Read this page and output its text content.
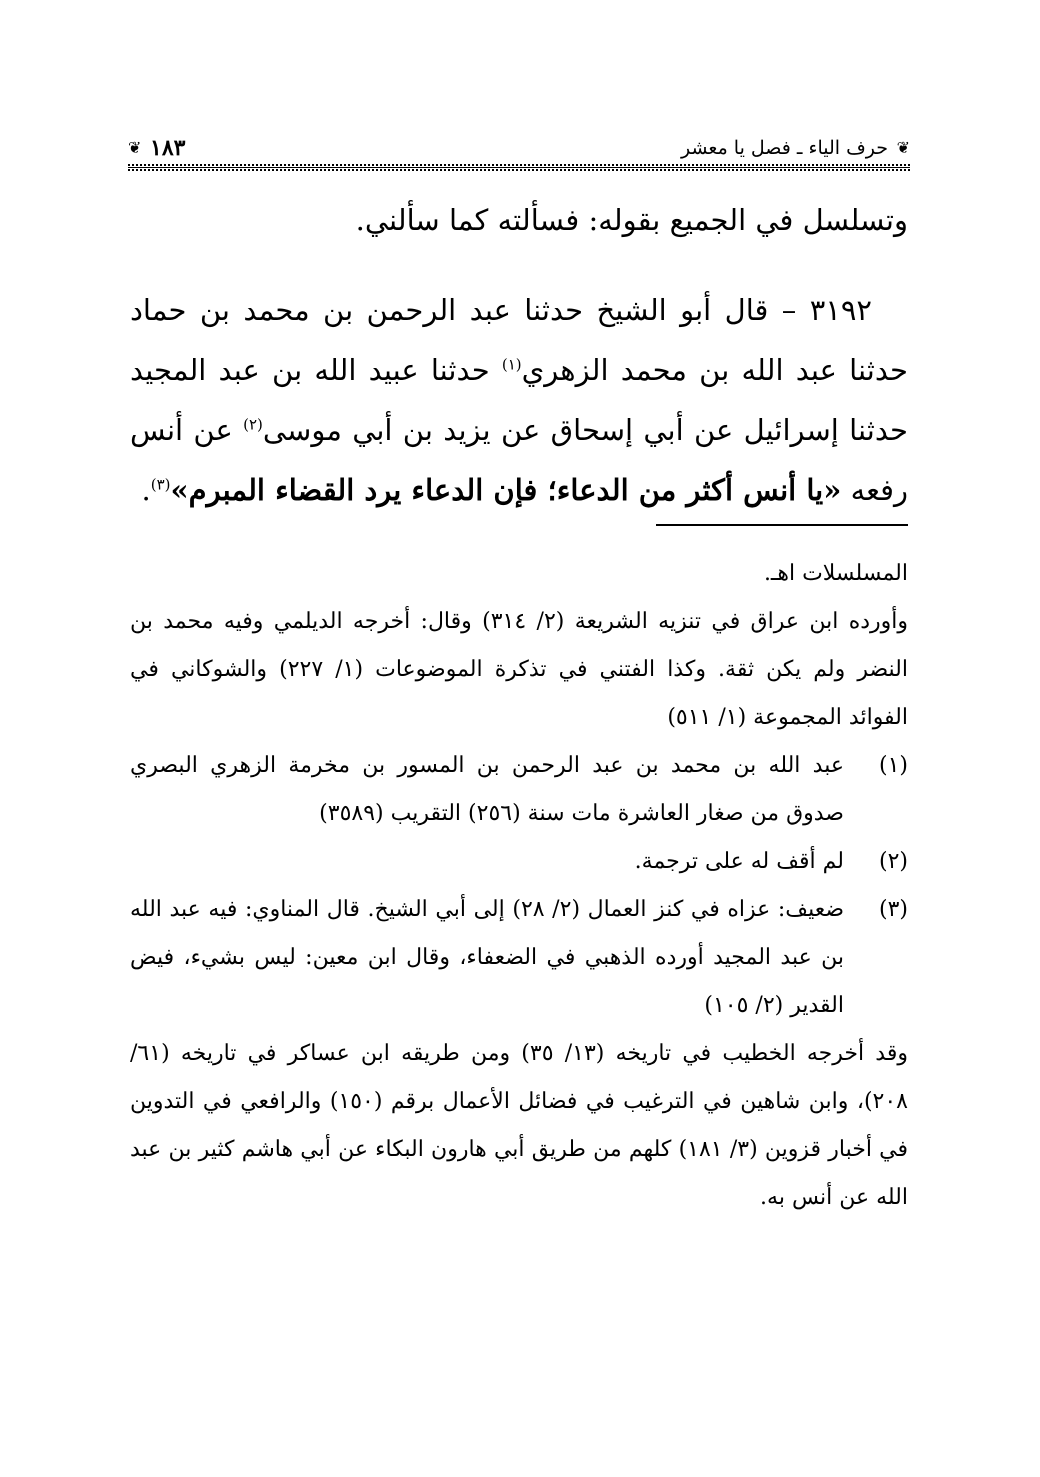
❦
حرف الياء ـ فصل يا معشر
١٨٣
❦

وتسلسل في الجميع بقوله: فسألته كما سألني.

٣١٩٢ – قال أبو الشيخ حدثنا عبد الرحمن بن محمد بن حماد حدثنا عبد الله بن محمد الزهري$^{(١)}$ حدثنا عبيد الله بن عبد المجيد حدثنا إسرائيل عن أبي إسحاق عن يزيد بن أبي موسى$^{(٢)}$ عن أنس رفعه «يا أنس أكثر من الدعاء؛ فإن الدعاء يرد القضاء المبرم»$^{(٣)}$.

المسلسلات اهـ.

وأورده ابن عراق في تنزيه الشريعة (٢/ ٣١٤) وقال: أخرجه الديلمي وفيه محمد بن النضر ولم يكن ثقة. وكذا الفتني في تذكرة الموضوعات (١/ ٢٢٧) والشوكاني في الفوائد المجموعة (١/ ٥١١)

(١)
عبد الله بن محمد بن عبد الرحمن بن المسور بن مخرمة الزهري البصري صدوق من صغار العاشرة مات سنة (٢٥٦) التقريب (٣٥٨٩)
(٢)
لم أقف له على ترجمة.
(٣)
ضعيف: عزاه في كنز العمال (٢/ ٢٨) إلى أبي الشيخ. قال المناوي: فيه عبد الله بن عبد المجيد أورده الذهبي في الضعفاء، وقال ابن معين: ليس بشيء، فيض القدير (٢/ ١٠٥)

وقد أخرجه الخطيب في تاريخه (١٣/ ٣٥) ومن طريقه ابن عساكر في تاريخه (٦١/ ٢٠٨)، وابن شاهين في الترغيب في فضائل الأعمال برقم (١٥٠) والرافعي في التدوين في أخبار قزوين (٣/ ١٨١) كلهم من طريق أبي هارون البكاء عن أبي هاشم كثير بن عبد الله عن أنس به.
